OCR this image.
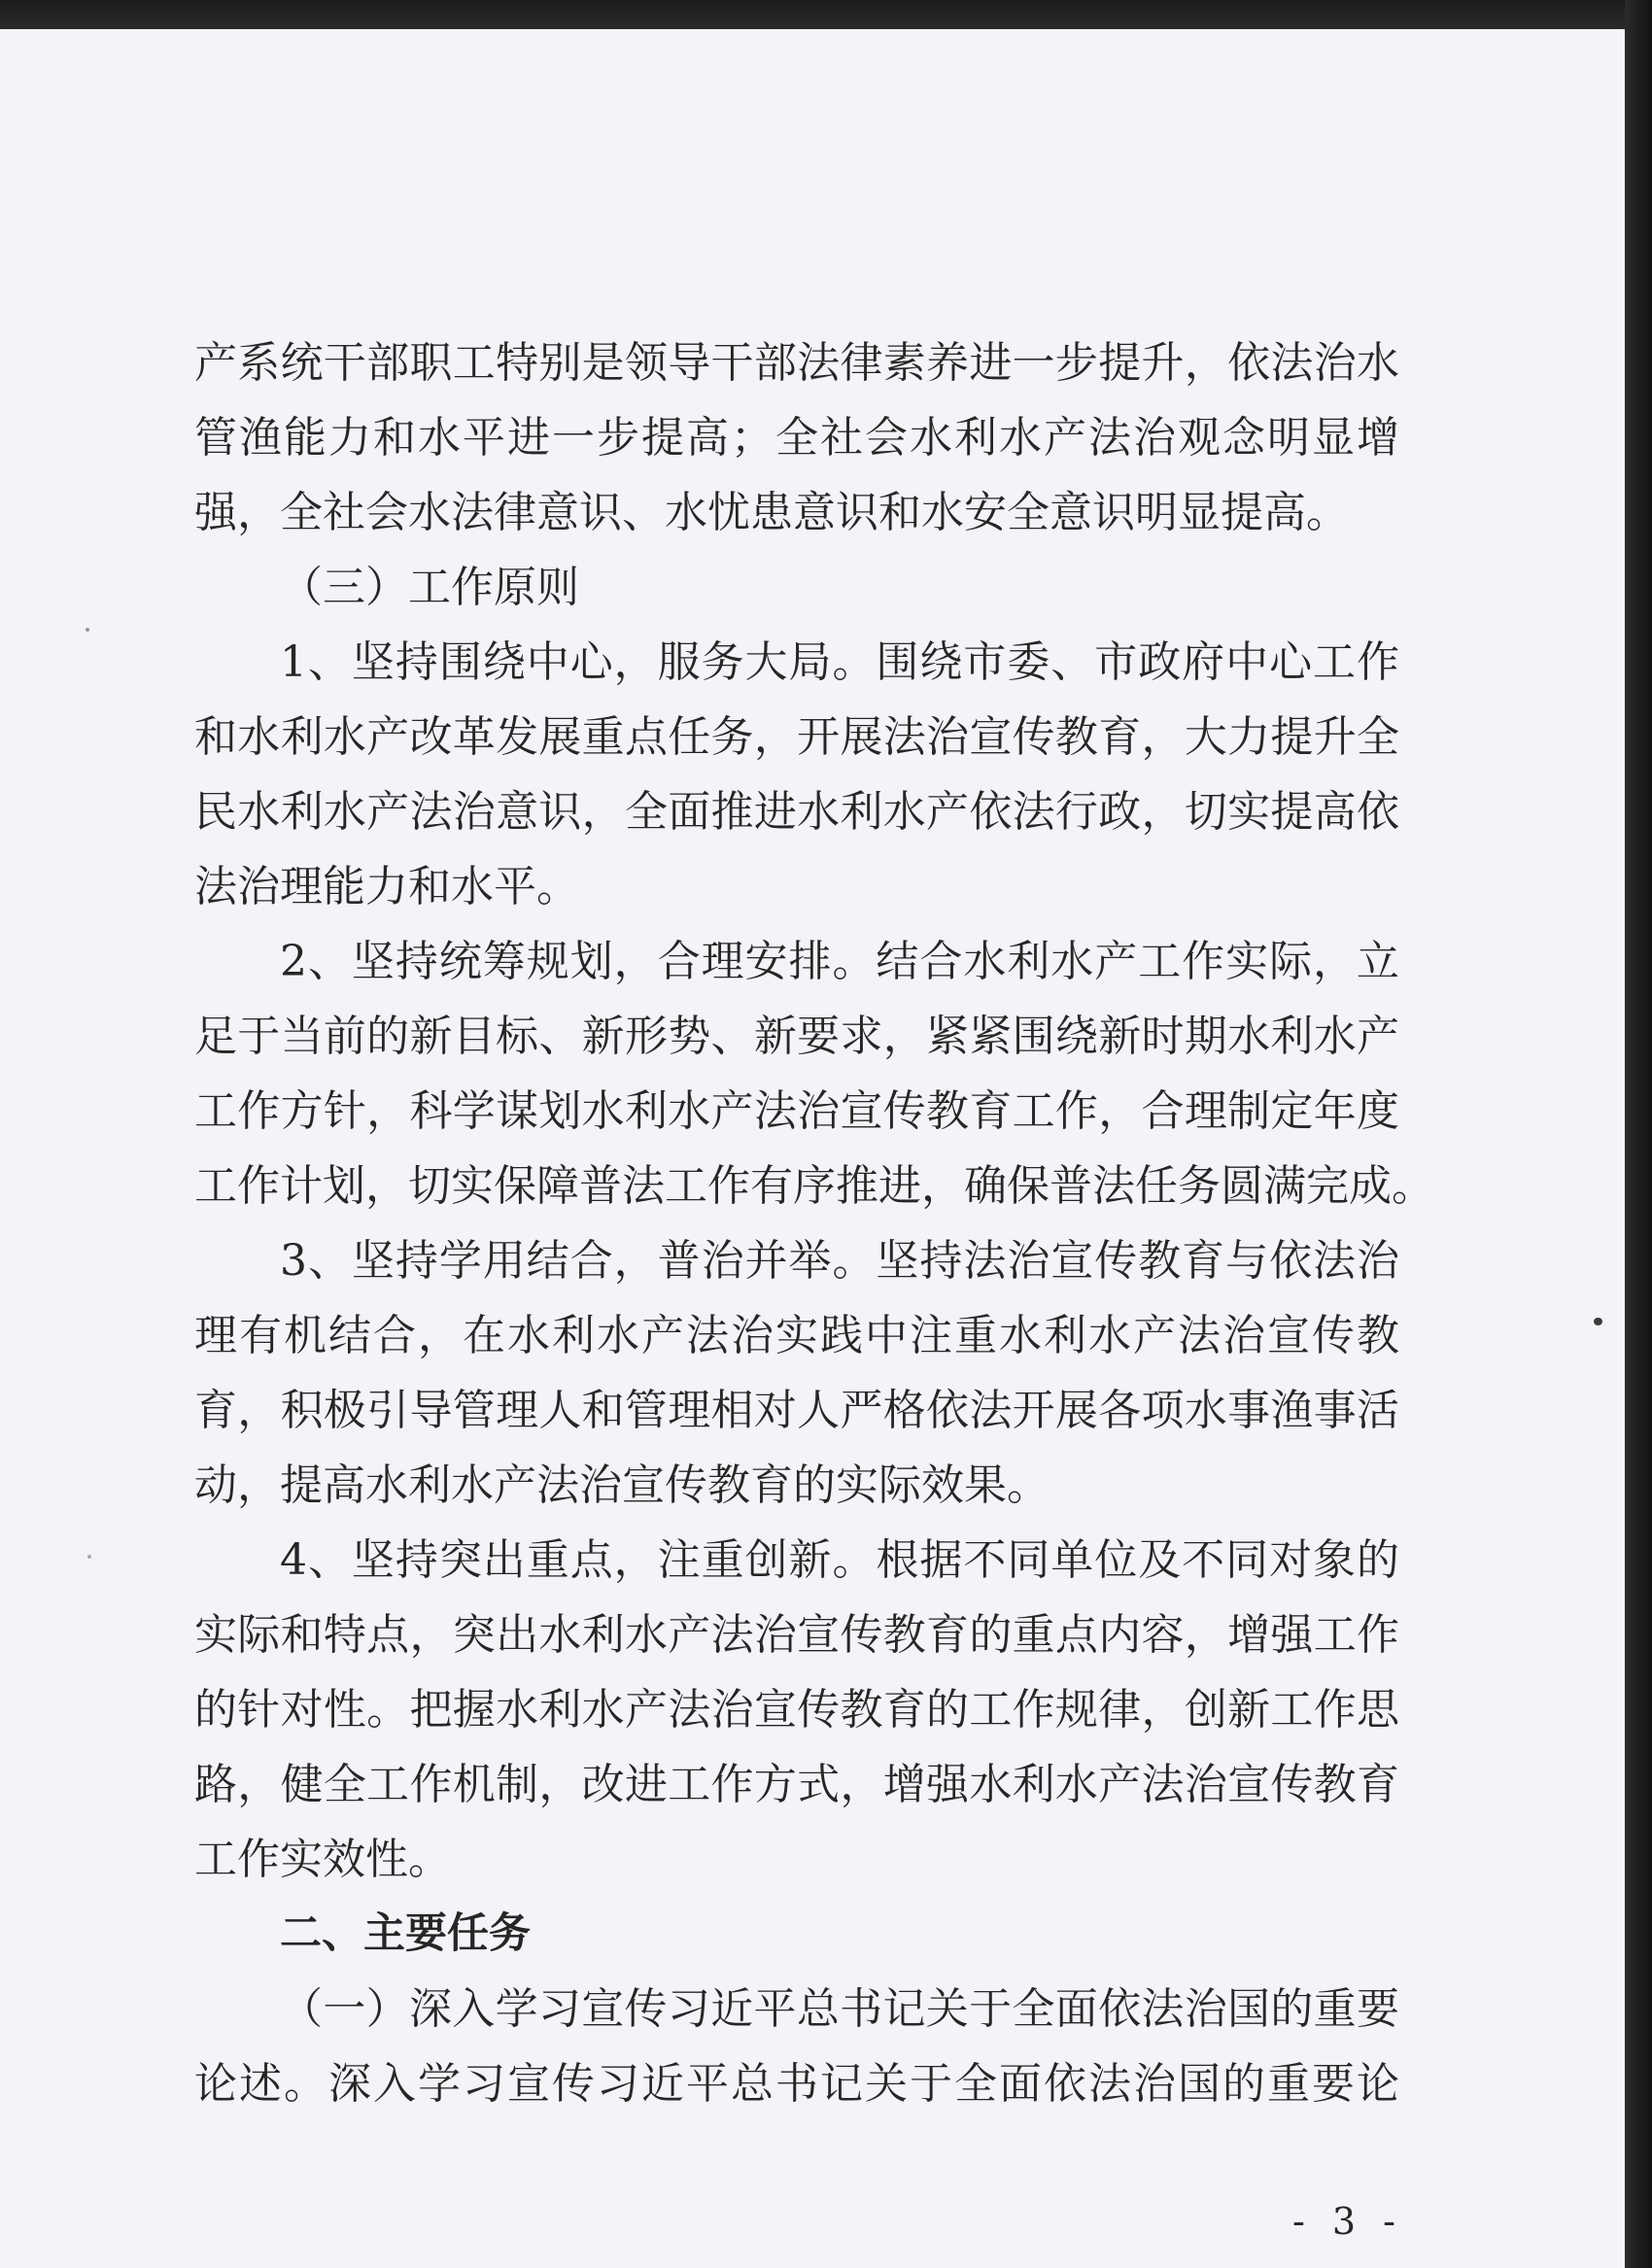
产系统干部职工特别是领导干部法律素养进一步提升，依法治水
管渔能力和水平进一步提高；全社会水利水产法治观念明显增
强，全社会水法律意识、水忧患意识和水安全意识明显提高。
（三）工作原则
1、坚持围绕中心，服务大局。围绕市委、市政府中心工作
和水利水产改革发展重点任务，开展法治宣传教育，大力提升全
民水利水产法治意识，全面推进水利水产依法行政，切实提高依
法治理能力和水平。
2、坚持统筹规划，合理安排。结合水利水产工作实际，立
足于当前的新目标、新形势、新要求，紧紧围绕新时期水利水产
工作方针，科学谋划水利水产法治宣传教育工作，合理制定年度
工作计划，切实保障普法工作有序推进，确保普法任务圆满完成。
3、坚持学用结合，普治并举。坚持法治宣传教育与依法治
理有机结合，在水利水产法治实践中注重水利水产法治宣传教
育，积极引导管理人和管理相对人严格依法开展各项水事渔事活
动，提高水利水产法治宣传教育的实际效果。
4、坚持突出重点，注重创新。根据不同单位及不同对象的
实际和特点，突出水利水产法治宣传教育的重点内容，增强工作
的针对性。把握水利水产法治宣传教育的工作规律，创新工作思
路，健全工作机制，改进工作方式，增强水利水产法治宣传教育
工作实效性。
二、主要任务
（一）深入学习宣传习近平总书记关于全面依法治国的重要
论述。深入学习宣传习近平总书记关于全面依法治国的重要论
- 3 -
